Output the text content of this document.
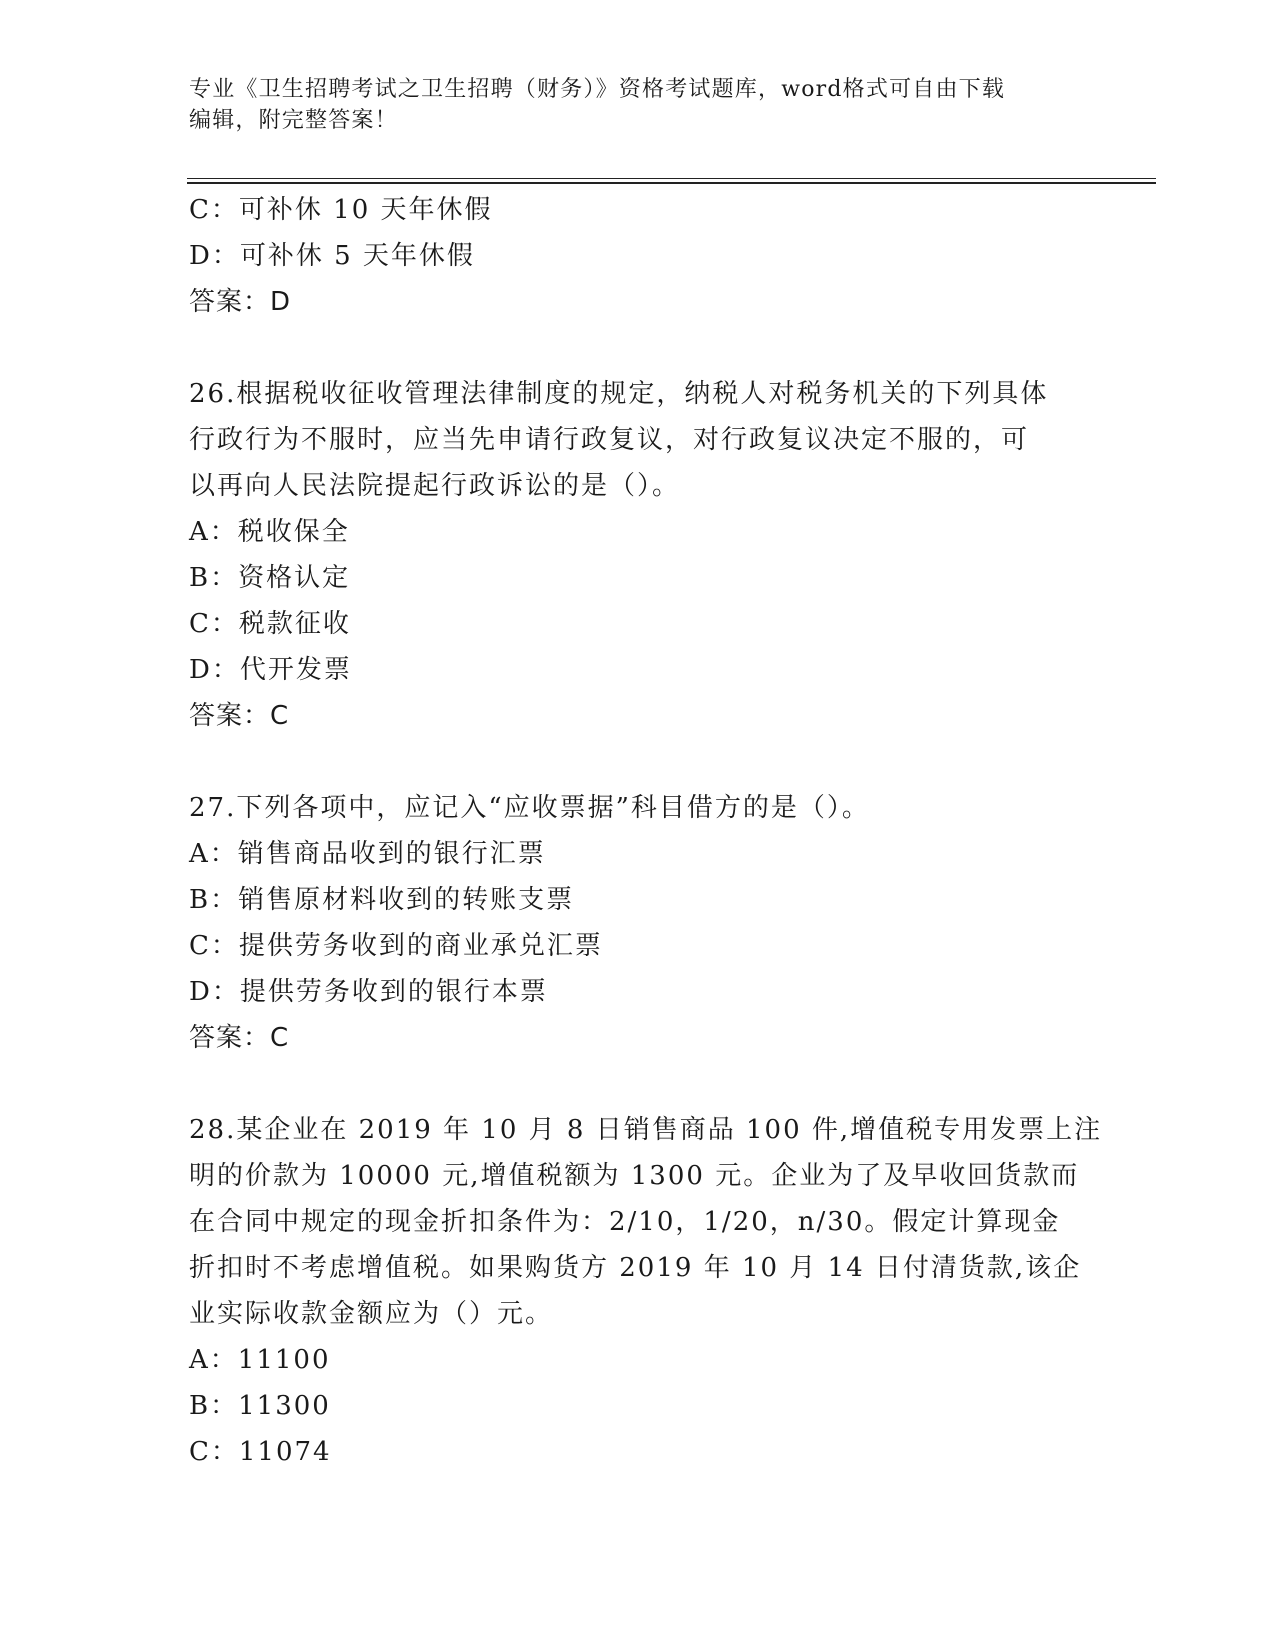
专业《卫生招聘考试之卫生招聘（财务）》资格考试题库，word格式可自由下载
编辑，附完整答案！
C：可补休 10 天年休假
D：可补休 5 天年休假
答案：D
26.根据税收征收管理法律制度的规定，纳税人对税务机关的下列具体
行政行为不服时，应当先申请行政复议，对行政复议决定不服的，可
以再向人民法院提起行政诉讼的是（）。
A：税收保全
B：资格认定
C：税款征收
D：代开发票
答案：C
27.下列各项中，应记入“应收票据”科目借方的是（）。
A：销售商品收到的银行汇票
B：销售原材料收到的转账支票
C：提供劳务收到的商业承兑汇票
D：提供劳务收到的银行本票
答案：C
28.某企业在 2019 年 10 月 8 日销售商品 100 件,增值税专用发票上注
明的价款为 10000 元,增值税额为 1300 元。企业为了及早收回货款而
在合同中规定的现金折扣条件为：2/10，1/20，n/30。假定计算现金
折扣时不考虑增值税。如果购货方 2019 年 10 月 14 日付清货款,该企
业实际收款金额应为（）元。
A：11100
B：11300
C：11074
